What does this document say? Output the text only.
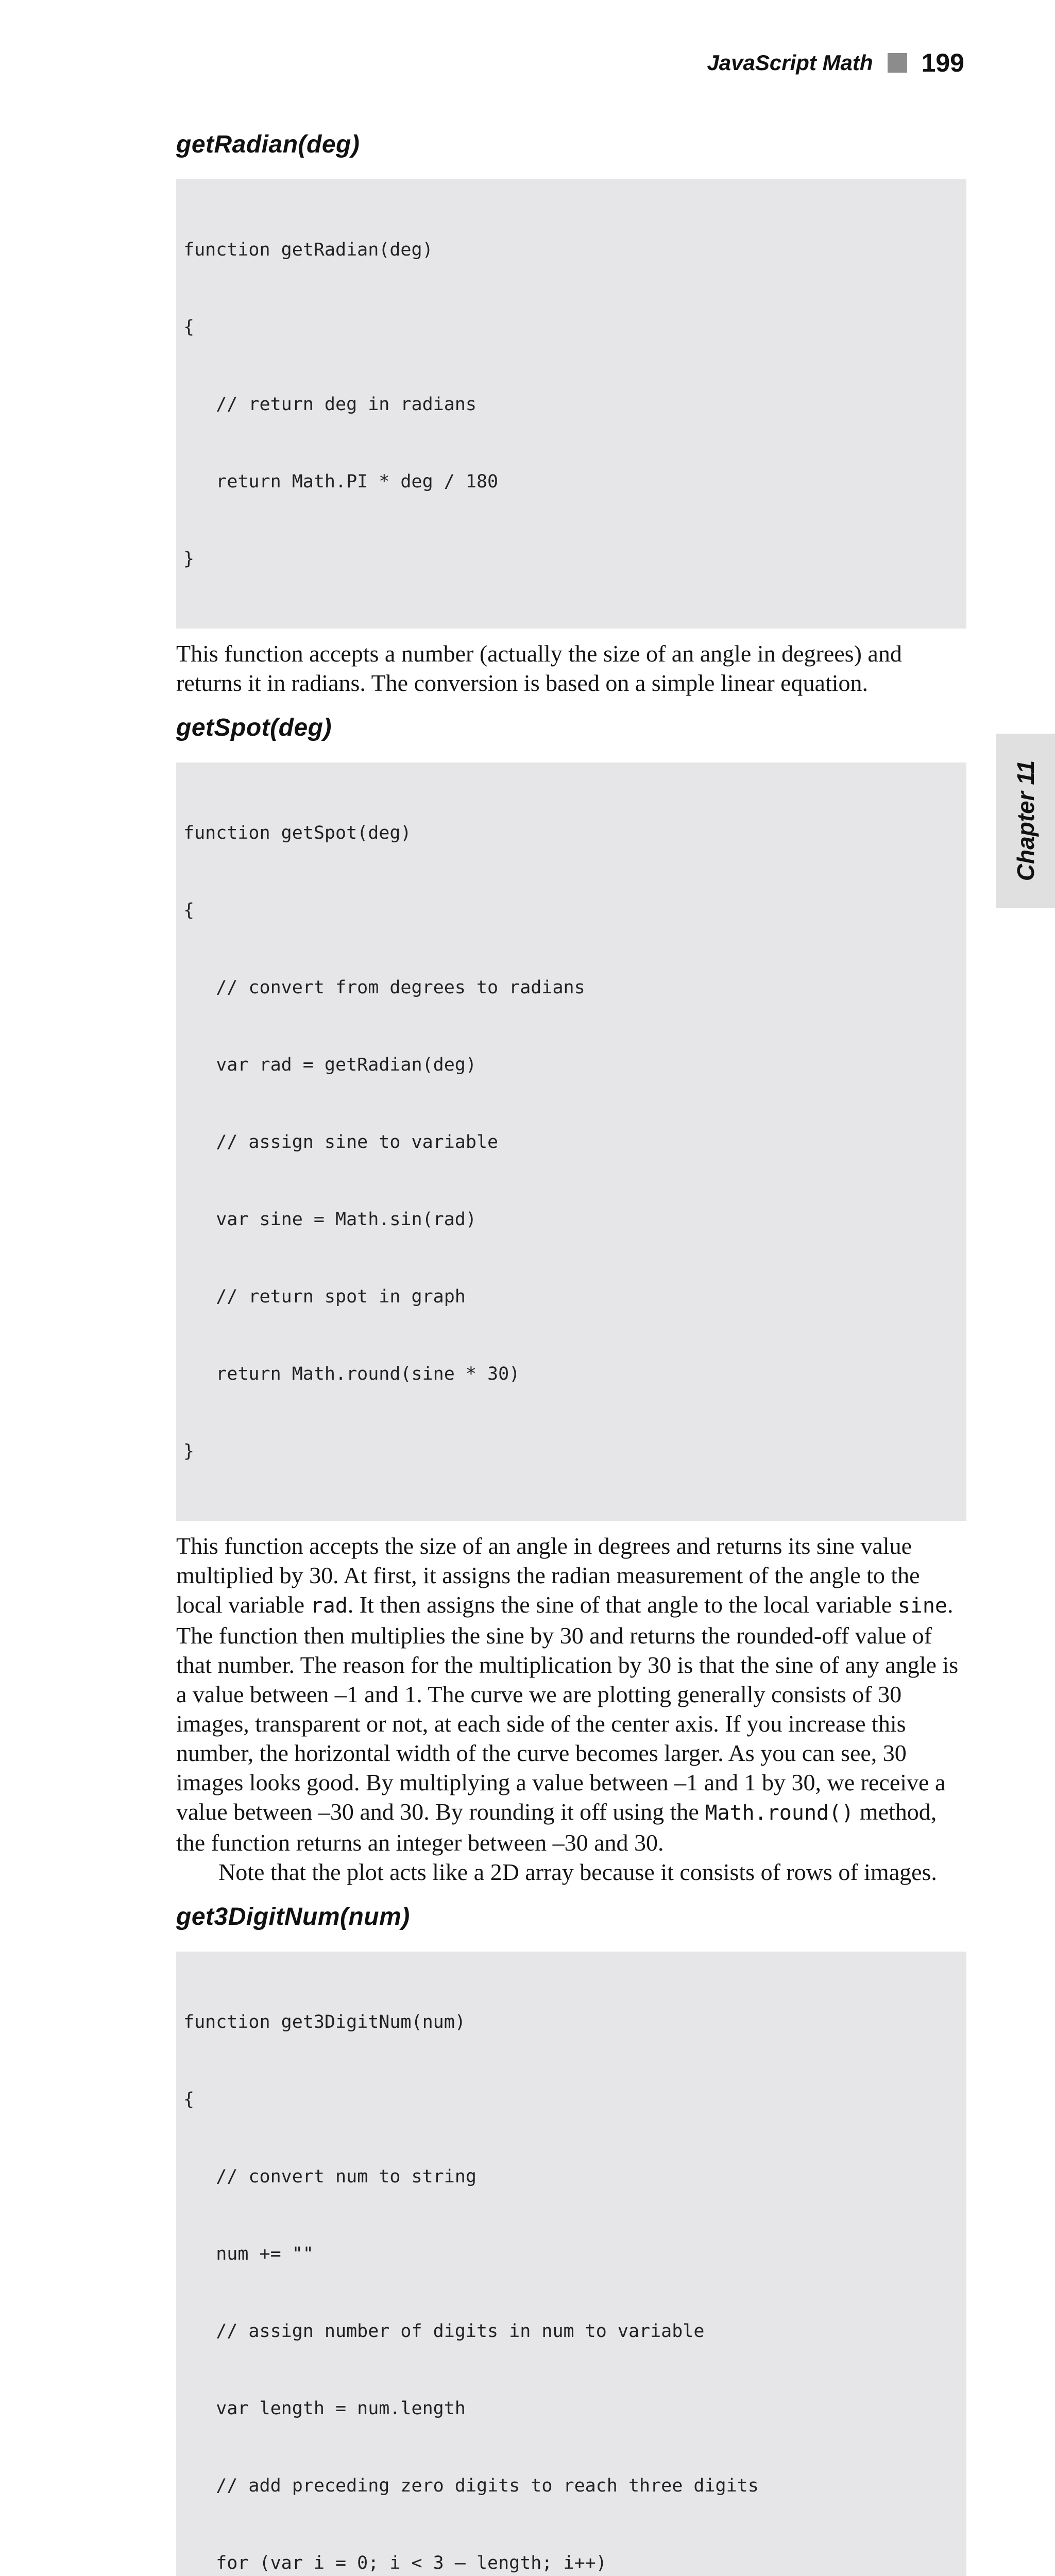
JavaScript Math 199
Chapter 11
getRadian(deg)

function getRadian(deg)

{

// return deg in radians

return Math.PI * deg / 180

}

This function accepts a number (actually the size of an angle in degrees) and returns it in radians. The conversion is based on a simple linear equation.

getSpot(deg)

function getSpot(deg)

{

// convert from degrees to radians

var rad = getRadian(deg)

// assign sine to variable

var sine = Math.sin(rad)

// return spot in graph

return Math.round(sine * 30)

}

This function accepts the size of an angle in degrees and returns its sine value multiplied by 30. At first, it assigns the radian measurement of the angle to the local variable rad. It then assigns the sine of that angle to the local variable sine. The function then multiplies the sine by 30 and returns the rounded-off value of that number. The reason for the multiplication by 30 is that the sine of any angle is a value between –1 and 1. The curve we are plotting generally consists of 30 images, transparent or not, at each side of the center axis. If you increase this number, the horizontal width of the curve becomes larger. As you can see, 30 images looks good. By multiplying a value between –1 and 1 by 30, we receive a value between –30 and 30. By rounding it off using the Math.round() method, the function returns an integer between –30 and 30.

Note that the plot acts like a 2D array because it consists of rows of images.

get3DigitNum(num)

function get3DigitNum(num)

{

// convert num to string

num += ""

// assign number of digits in num to variable

var length = num.length

// add preceding zero digits to reach three digits

for (var i = 0; i < 3 – length; i++)
